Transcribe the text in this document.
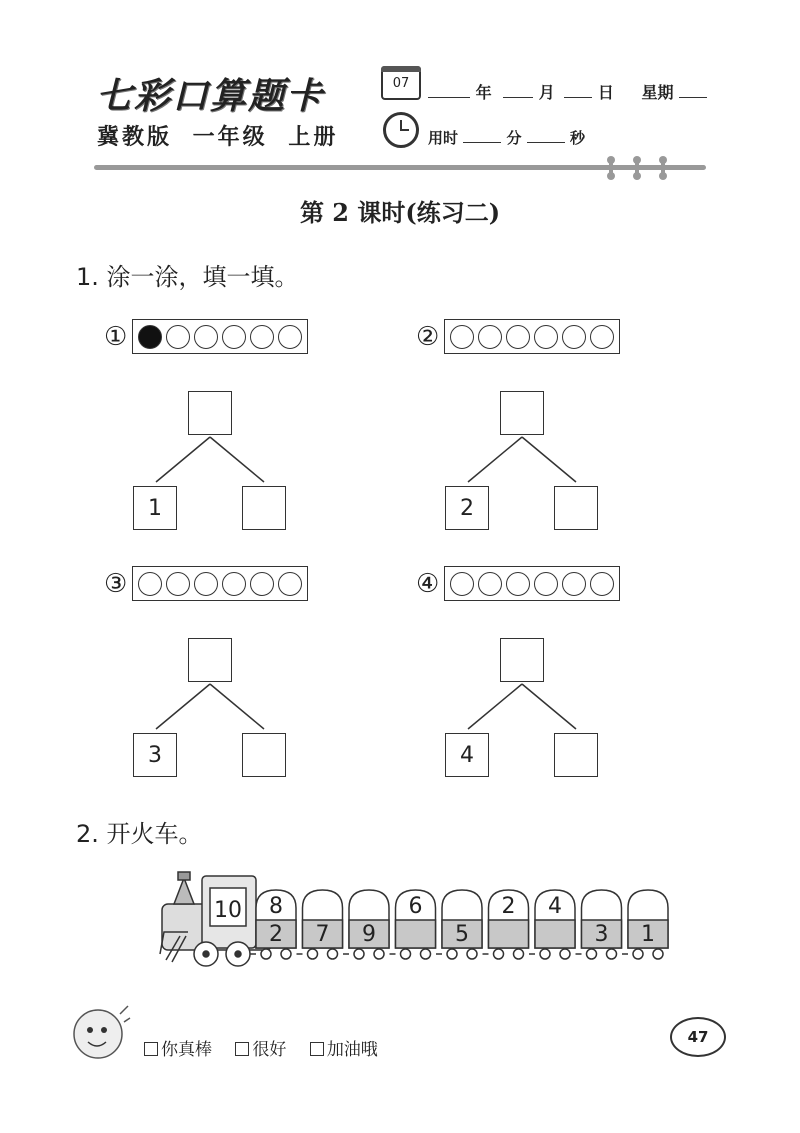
七彩口算题卡
冀教版 一年级 上册
07	年	月	日 星期
用时	分	秒
第 2 课时(练习二)
1. 涂一涂，填一填。
①	②
③	④
1	2
3	4
2. 开火车。
10	8
2	7	9
6
5
2	4
3	1
你真棒 很好 加油哦
47
